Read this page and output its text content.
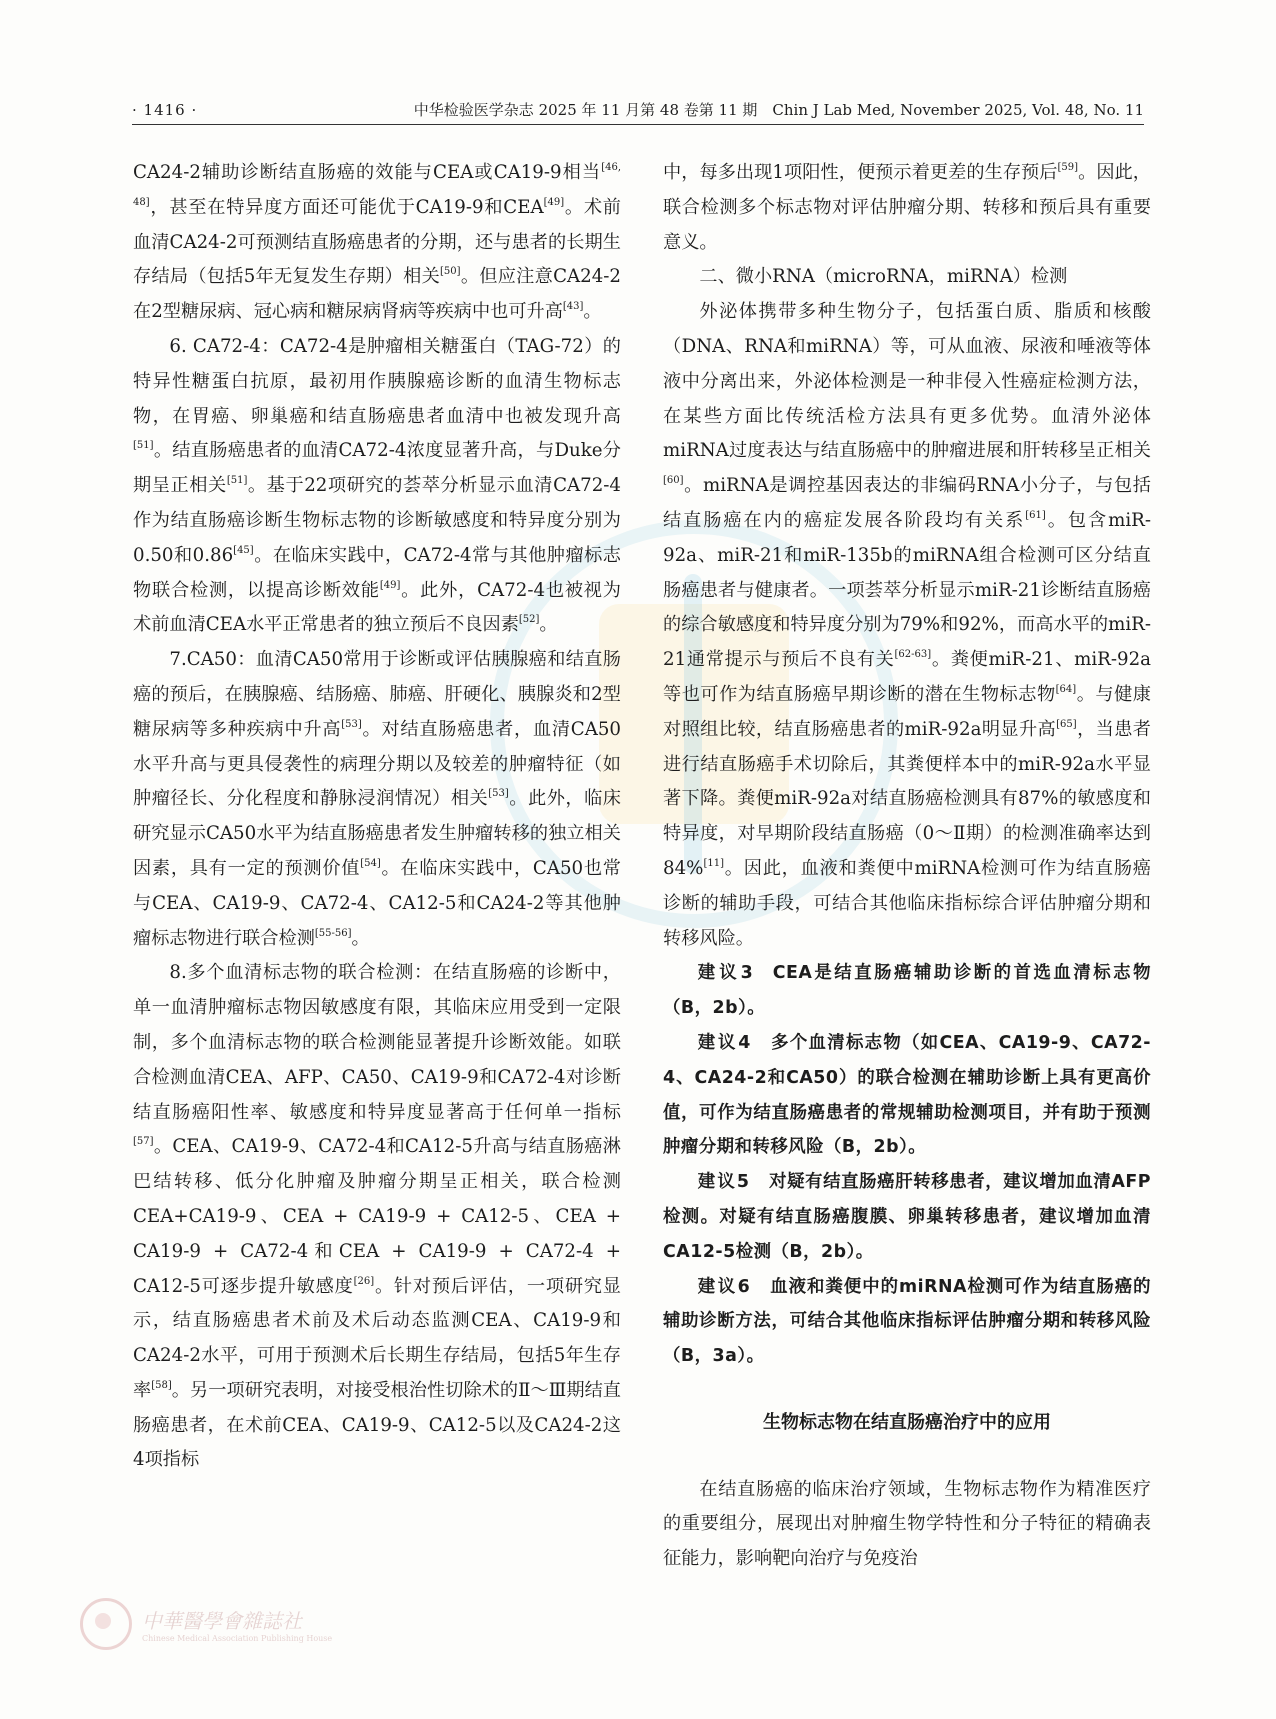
· 1416 ·	中华检验医学杂志 2025 年 11 月第 48 卷第 11 期　Chin J Lab Med, November 2025, Vol. 48, No. 11

CA24-2辅助诊断结直肠癌的效能与CEA或CA19-9相当[46, 48]，甚至在特异度方面还可能优于CA19-9和CEA[49]。术前血清CA24-2可预测结直肠癌患者的分期，还与患者的长期生存结局（包括5年无复发生存期）相关[50]。但应注意CA24-2在2型糖尿病、冠心病和糖尿病肾病等疾病中也可升高[43]。

6. CA72-4：CA72-4是肿瘤相关糖蛋白（TAG-72）的特异性糖蛋白抗原，最初用作胰腺癌诊断的血清生物标志物，在胃癌、卵巢癌和结直肠癌患者血清中也被发现升高[51]。结直肠癌患者的血清CA72-4浓度显著升高，与Duke分期呈正相关[51]。基于22项研究的荟萃分析显示血清CA72-4作为结直肠癌诊断生物标志物的诊断敏感度和特异度分别为0.50和0.86[45]。在临床实践中，CA72-4常与其他肿瘤标志物联合检测，以提高诊断效能[49]。此外，CA72-4也被视为术前血清CEA水平正常患者的独立预后不良因素[52]。

7.CA50：血清CA50常用于诊断或评估胰腺癌和结直肠癌的预后，在胰腺癌、结肠癌、肺癌、肝硬化、胰腺炎和2型糖尿病等多种疾病中升高[53]。对结直肠癌患者，血清CA50水平升高与更具侵袭性的病理分期以及较差的肿瘤特征（如肿瘤径长、分化程度和静脉浸润情况）相关[53]。此外，临床研究显示CA50水平为结直肠癌患者发生肿瘤转移的独立相关因素，具有一定的预测价值[54]。在临床实践中，CA50也常与CEA、CA19-9、CA72-4、CA12-5和CA24-2等其他肿瘤标志物进行联合检测[55-56]。

8.多个血清标志物的联合检测：在结直肠癌的诊断中，单一血清肿瘤标志物因敏感度有限，其临床应用受到一定限制，多个血清标志物的联合检测能显著提升诊断效能。如联合检测血清CEA、AFP、CA50、CA19-9和CA72-4对诊断结直肠癌阳性率、敏感度和特异度显著高于任何单一指标[57]。CEA、CA19-9、CA72-4和CA12-5升高与结直肠癌淋巴结转移、低分化肿瘤及肿瘤分期呈正相关，联合检测CEA+CA19-9、CEA + CA19-9 + CA12-5、CEA + CA19-9 + CA72-4和CEA + CA19-9 + CA72-4 + CA12-5可逐步提升敏感度[26]。针对预后评估，一项研究显示，结直肠癌患者术前及术后动态监测CEA、CA19-9和CA24-2水平，可用于预测术后长期生存结局，包括5年生存率[58]。另一项研究表明，对接受根治性切除术的Ⅱ～Ⅲ期结直肠癌患者，在术前CEA、CA19-9、CA12-5以及CA24-2这4项指标

中，每多出现1项阳性，便预示着更差的生存预后[59]。因此，联合检测多个标志物对评估肿瘤分期、转移和预后具有重要意义。

二、微小RNA（microRNA，miRNA）检测

外泌体携带多种生物分子，包括蛋白质、脂质和核酸（DNA、RNA和miRNA）等，可从血液、尿液和唾液等体液中分离出来，外泌体检测是一种非侵入性癌症检测方法，在某些方面比传统活检方法具有更多优势。血清外泌体miRNA过度表达与结直肠癌中的肿瘤进展和肝转移呈正相关[60]。miRNA是调控基因表达的非编码RNA小分子，与包括结直肠癌在内的癌症发展各阶段均有关系[61]。包含miR-92a、miR-21和miR-135b的miRNA组合检测可区分结直肠癌患者与健康者。一项荟萃分析显示miR-21诊断结直肠癌的综合敏感度和特异度分别为79%和92%，而高水平的miR-21通常提示与预后不良有关[62-63]。粪便miR-21、miR-92a等也可作为结直肠癌早期诊断的潜在生物标志物[64]。与健康对照组比较，结直肠癌患者的miR-92a明显升高[65]，当患者进行结直肠癌手术切除后，其粪便样本中的miR-92a水平显著下降。粪便miR-92a对结直肠癌检测具有87%的敏感度和特异度，对早期阶段结直肠癌（0～Ⅱ期）的检测准确率达到84%[11]。因此，血液和粪便中miRNA检测可作为结直肠癌诊断的辅助手段，可结合其他临床指标综合评估肿瘤分期和转移风险。

建议3 CEA是结直肠癌辅助诊断的首选血清标志物（B，2b）。

建议4 多个血清标志物（如CEA、CA19-9、CA72-4、CA24-2和CA50）的联合检测在辅助诊断上具有更高价值，可作为结直肠癌患者的常规辅助检测项目，并有助于预测肿瘤分期和转移风险（B，2b）。

建议5 对疑有结直肠癌肝转移患者，建议增加血清AFP检测。对疑有结直肠癌腹膜、卵巢转移患者，建议增加血清CA12-5检测（B，2b）。

建议6 血液和粪便中的miRNA检测可作为结直肠癌的辅助诊断方法，可结合其他临床指标评估肿瘤分期和转移风险（B，3a）。

生物标志物在结直肠癌治疗中的应用

在结直肠癌的临床治疗领域，生物标志物作为精准医疗的重要组分，展现出对肿瘤生物学特性和分子特征的精确表征能力，影响靶向治疗与免疫治

中華醫學會雜誌社
Chinese Medical Association Publishing House
